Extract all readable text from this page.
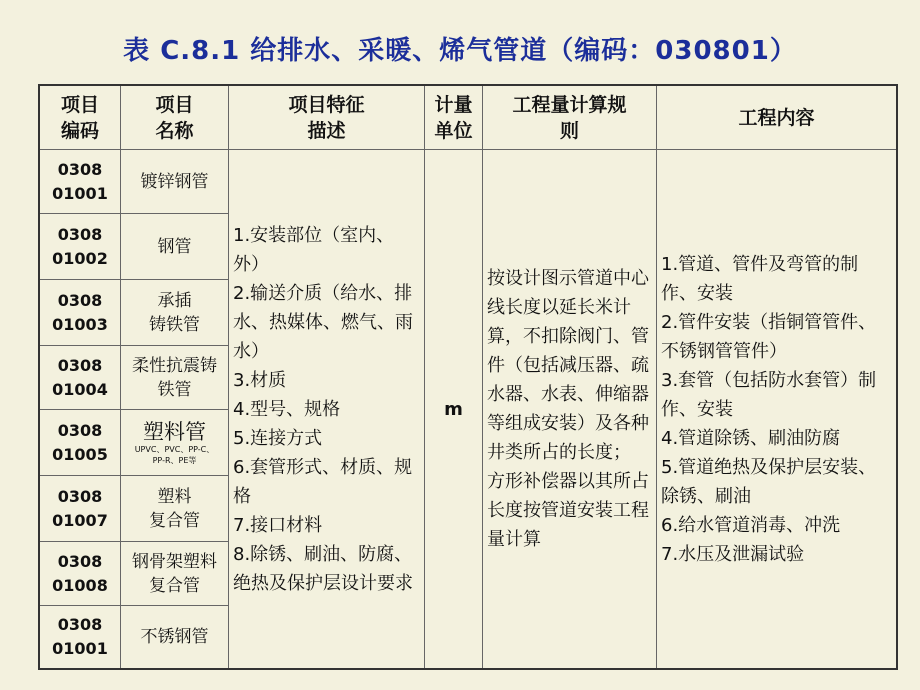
表 C.8.1 给排水、采暖、烯气管道（编码：030801）
项目
编码
项目
名称
项目特征
描述
计量
单位
工程量计算规
则
工程内容
0308
01001
镀锌钢管
0308
01002
钢管
0308
01003
承插
铸铁管
0308
01004
柔性抗震铸
铁管
0308
01005
塑料管
UPVC、PVC、PP-C、
PP-R、PE等
0308
01007
塑料
复合管
0308
01008
钢骨架塑料
复合管
0308
01001
不锈钢管
1.安装部位（室内、外）
2.输送介质（给水、排水、热媒体、燃气、雨水）
3.材质
4.型号、规格
5.连接方式
6.套管形式、材质、规格
7.接口材料
8.除锈、刷油、防腐、绝热及保护层设计要求
m
按设计图示管道中心线长度以延长米计算，不扣除阀门、管件（包括减压器、疏水器、水表、伸缩器等组成安装）及各种井类所占的长度；
方形补偿器以其所占长度按管道安装工程量计算
1.管道、管件及弯管的制作、安装
2.管件安装（指铜管管件、不锈钢管管件）
3.套管（包括防水套管）制作、安装
4.管道除锈、刷油防腐
5.管道绝热及保护层安装、除锈、刷油
6.给水管道消毒、冲洗
7.水压及泄漏试验
